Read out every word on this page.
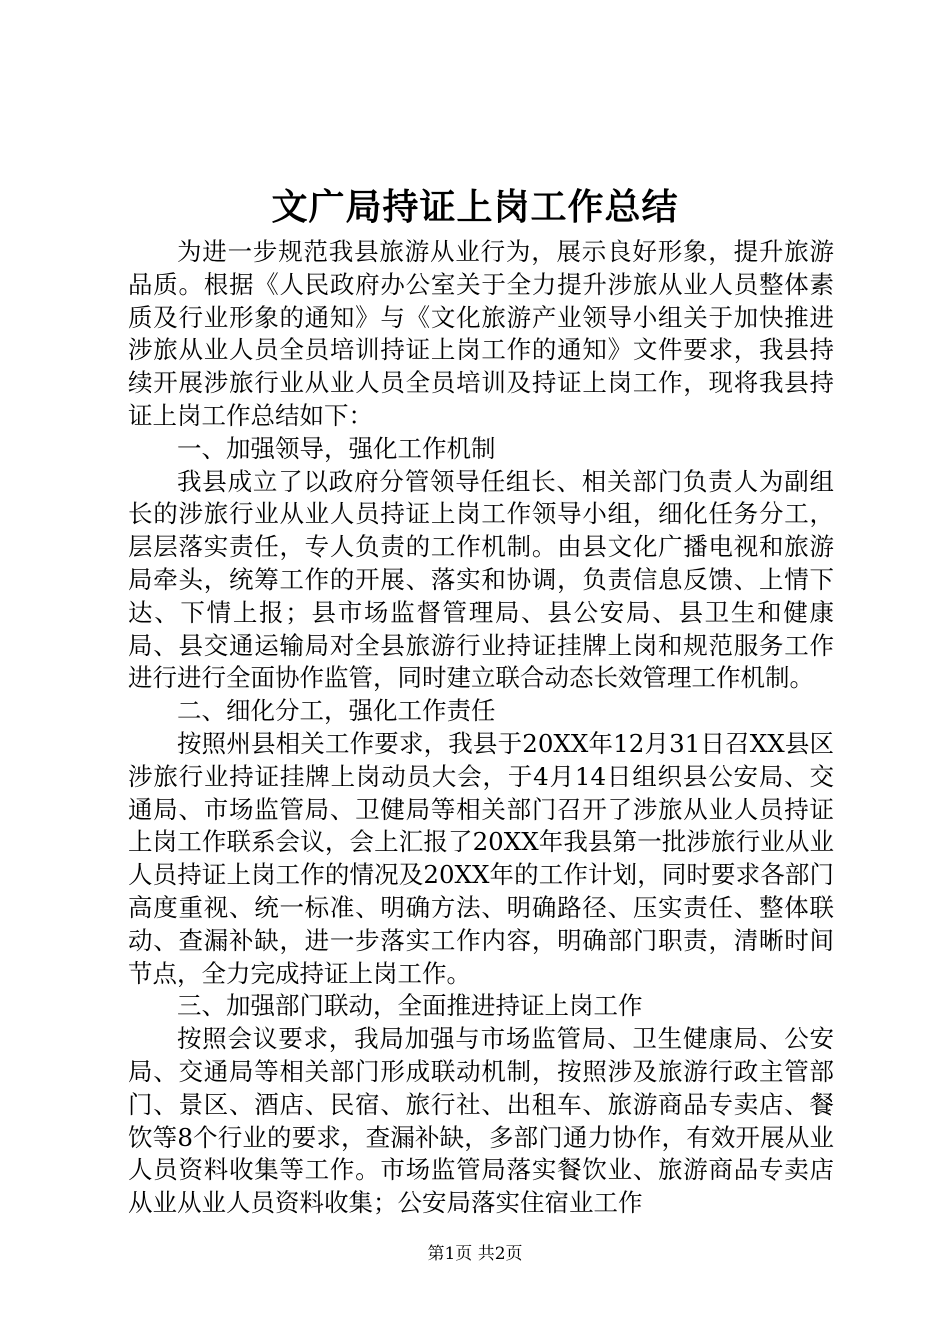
文广局持证上岗工作总结

为进一步规范我县旅游从业行为，展示良好形象，提升旅游品质。根据《人民政府办公室关于全力提升涉旅从业人员整体素质及行业形象的通知》与《文化旅游产业领导小组关于加快推进涉旅从业人员全员培训持证上岗工作的通知》文件要求，我县持续开展涉旅行业从业人员全员培训及持证上岗工作，现将我县持证上岗工作总结如下：

一、加强领导，强化工作机制

我县成立了以政府分管领导任组长、相关部门负责人为副组长的涉旅行业从业人员持证上岗工作领导小组，细化任务分工，层层落实责任，专人负责的工作机制。由县文化广播电视和旅游局牵头，统筹工作的开展、落实和协调，负责信息反馈、上情下达、下情上报；县市场监督管理局、县公安局、县卫生和健康局、县交通运输局对全县旅游行业持证挂牌上岗和规范服务工作进行进行全面协作监管，同时建立联合动态长效管理工作机制。

二、细化分工，强化工作责任

按照州县相关工作要求，我县于20XX年12月31日召XX县区涉旅行业持证挂牌上岗动员大会，于4月14日组织县公安局、交通局、市场监管局、卫健局等相关部门召开了涉旅从业人员持证上岗工作联系会议，会上汇报了20XX年我县第一批涉旅行业从业人员持证上岗工作的情况及20XX年的工作计划，同时要求各部门高度重视、统一标准、明确方法、明确路径、压实责任、整体联动、查漏补缺，进一步落实工作内容，明确部门职责，清晰时间节点，全力完成持证上岗工作。

三、加强部门联动，全面推进持证上岗工作

按照会议要求，我局加强与市场监管局、卫生健康局、公安局、交通局等相关部门形成联动机制，按照涉及旅游行政主管部门、景区、酒店、民宿、旅行社、出租车、旅游商品专卖店、餐饮等8个行业的要求，查漏补缺，多部门通力协作，有效开展从业人员资料收集等工作。市场监管局落实餐饮业、旅游商品专卖店从业从业人员资料收集；公安局落实住宿业工作

第1页 共2页
